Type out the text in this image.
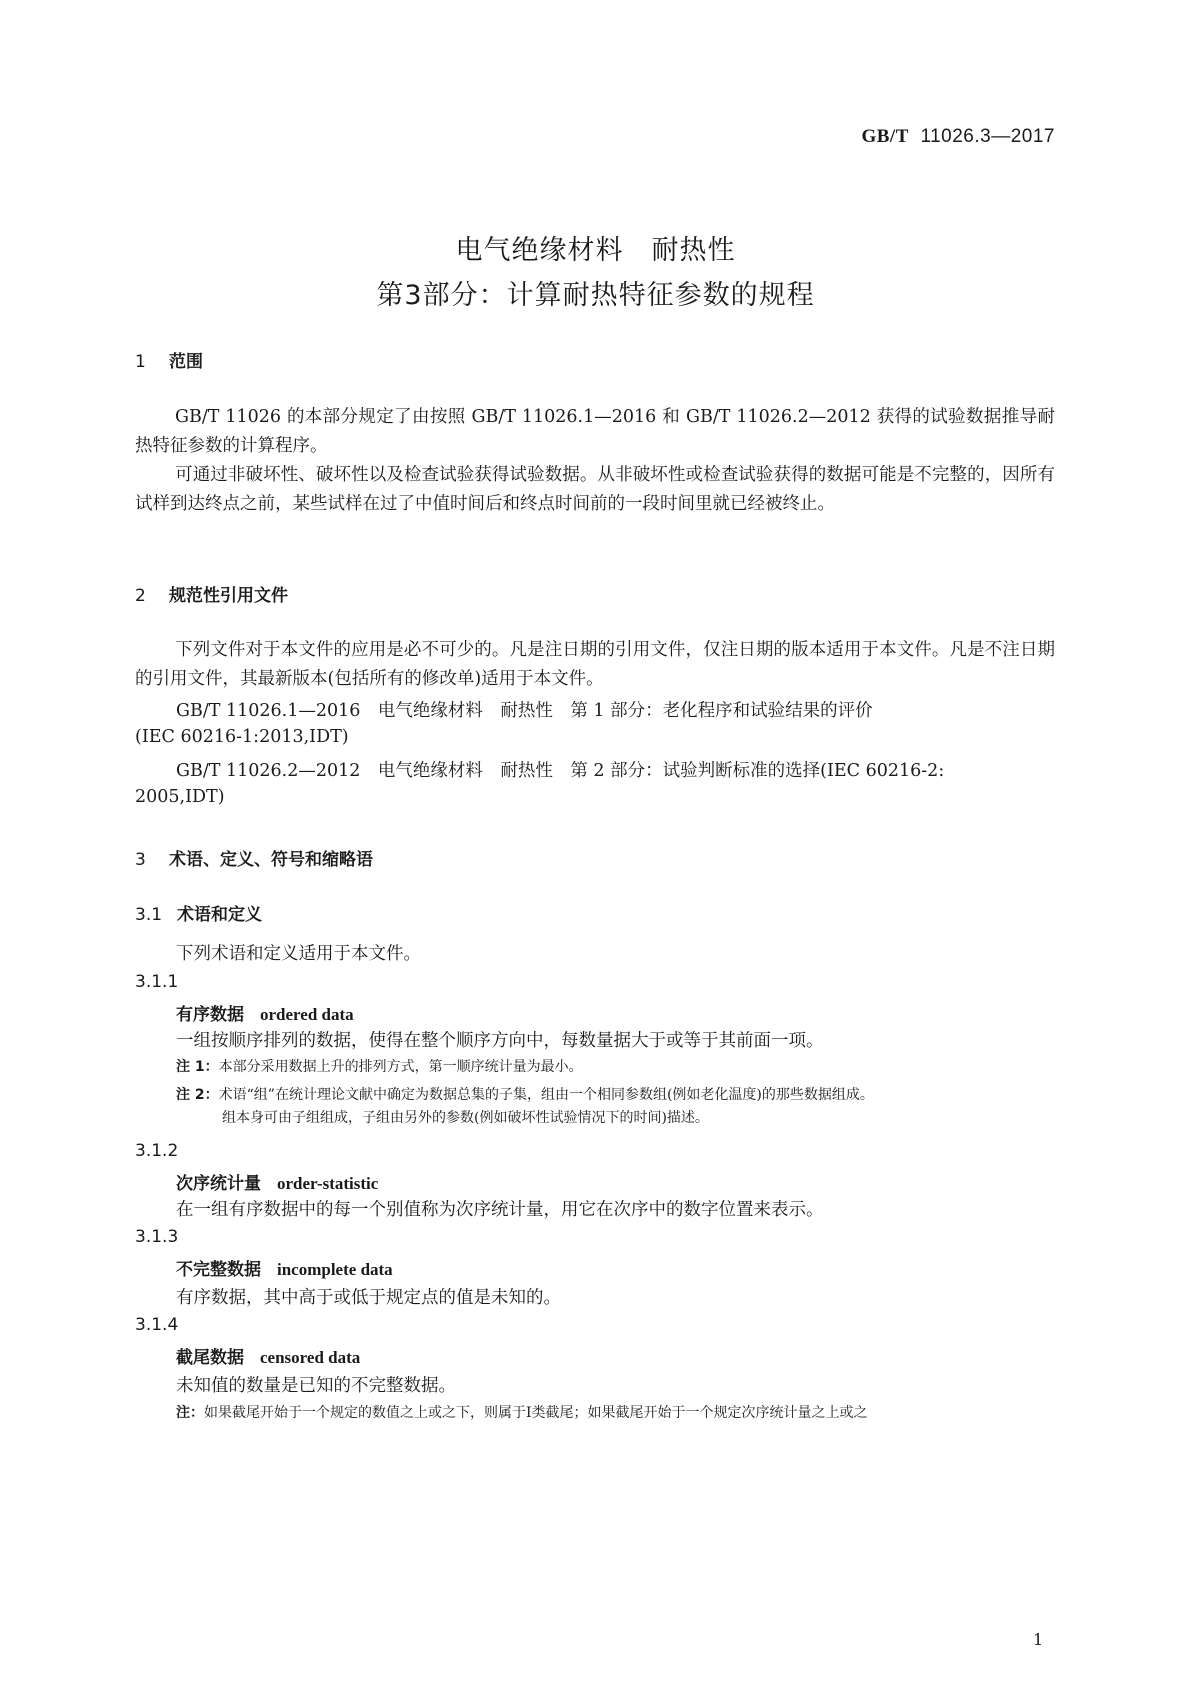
GB/T 11026.3—2017
电气绝缘材料　耐热性
第3部分：计算耐热特征参数的规程
1 范围
GB/T 11026 的本部分规定了由按照 GB/T 11026.1—2016 和 GB/T 11026.2—2012 获得的试验数据推导耐热特征参数的计算程序。
可通过非破坏性、破坏性以及检查试验获得试验数据。从非破坏性或检查试验获得的数据可能是不完整的，因所有试样到达终点之前，某些试样在过了中值时间后和终点时间前的一段时间里就已经被终止。
2 规范性引用文件
下列文件对于本文件的应用是必不可少的。凡是注日期的引用文件，仅注日期的版本适用于本文件。凡是不注日期的引用文件，其最新版本(包括所有的修改单)适用于本文件。
GB/T 11026.1—2016　电气绝缘材料　耐热性　第 1 部分：老化程序和试验结果的评价
(IEC 60216-1:2013,IDT)
GB/T 11026.2—2012　电气绝缘材料　耐热性　第 2 部分：试验判断标准的选择(IEC 60216-2:
2005,IDT)
3 术语、定义、符号和缩略语
3.1 术语和定义
下列术语和定义适用于本文件。
3.1.1
有序数据 ordered data
一组按顺序排列的数据，使得在整个顺序方向中，每数量据大于或等于其前面一项。
注 1：本部分采用数据上升的排列方式，第一顺序统计量为最小。
注 2：术语“组”在统计理论文献中确定为数据总集的子集，组由一个相同参数组(例如老化温度)的那些数据组成。
组本身可由子组组成，子组由另外的参数(例如破坏性试验情况下的时间)描述。
3.1.2
次序统计量 order-statistic
在一组有序数据中的每一个别值称为次序统计量，用它在次序中的数字位置来表示。
3.1.3
不完整数据 incomplete data
有序数据，其中高于或低于规定点的值是未知的。
3.1.4
截尾数据 censored data
未知值的数量是已知的不完整数据。
注：如果截尾开始于一个规定的数值之上或之下，则属于Ⅰ类截尾；如果截尾开始于一个规定次序统计量之上或之
1
